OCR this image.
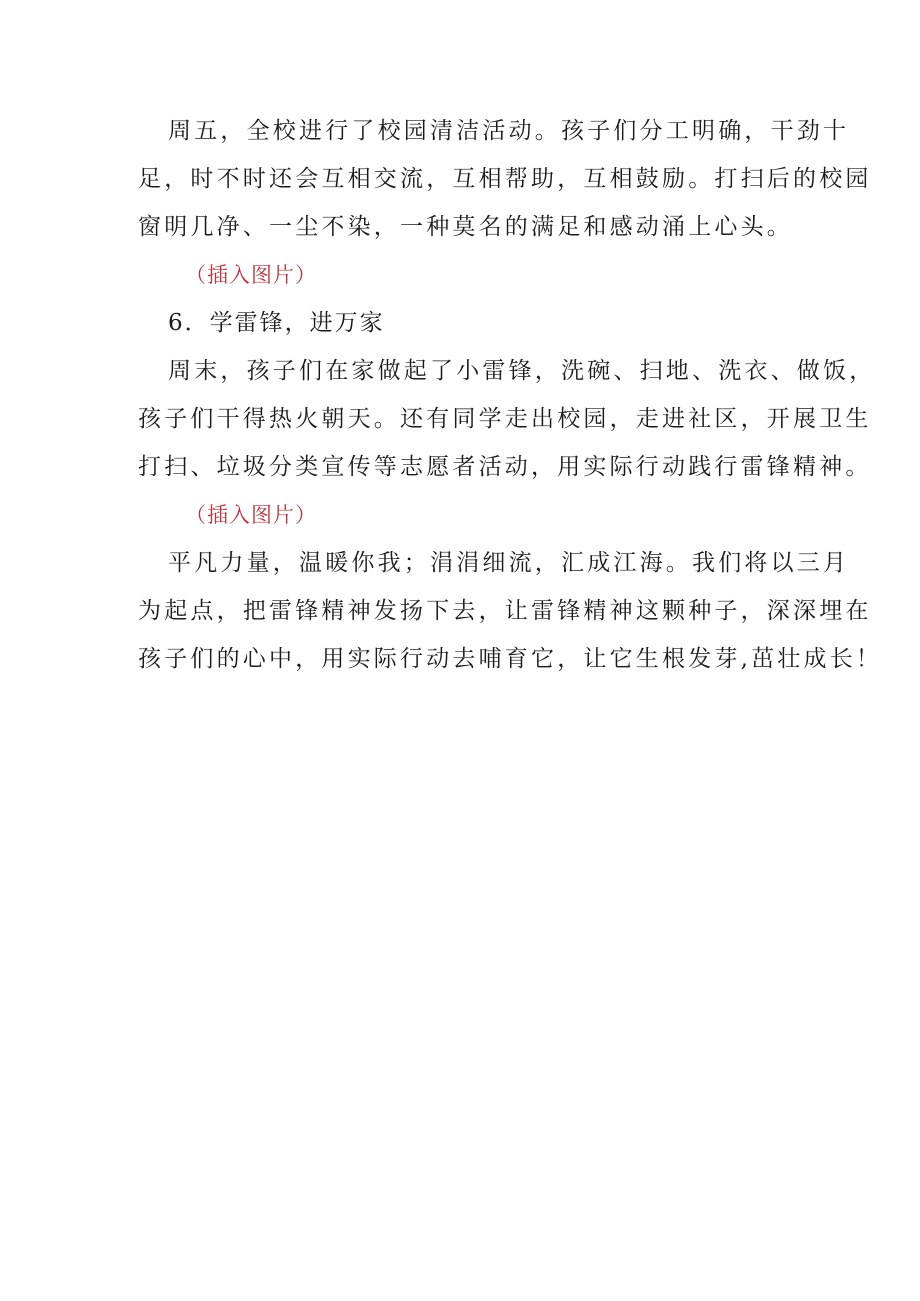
周五，全校进行了校园清洁活动。孩子们分工明确，干劲十
足，时不时还会互相交流，互相帮助，互相鼓励。打扫后的校园
窗明几净、一尘不染，一种莫名的满足和感动涌上心头。
（插入图片）
6．学雷锋，进万家
周末，孩子们在家做起了小雷锋，洗碗、扫地、洗衣、做饭，
孩子们干得热火朝天。还有同学走出校园，走进社区，开展卫生
打扫、垃圾分类宣传等志愿者活动，用实际行动践行雷锋精神。
（插入图片）
平凡力量，温暖你我；涓涓细流，汇成江海。我们将以三月
为起点，把雷锋精神发扬下去，让雷锋精神这颗种子，深深埋在
孩子们的心中，用实际行动去哺育它，让它生根发芽,茁壮成长！
